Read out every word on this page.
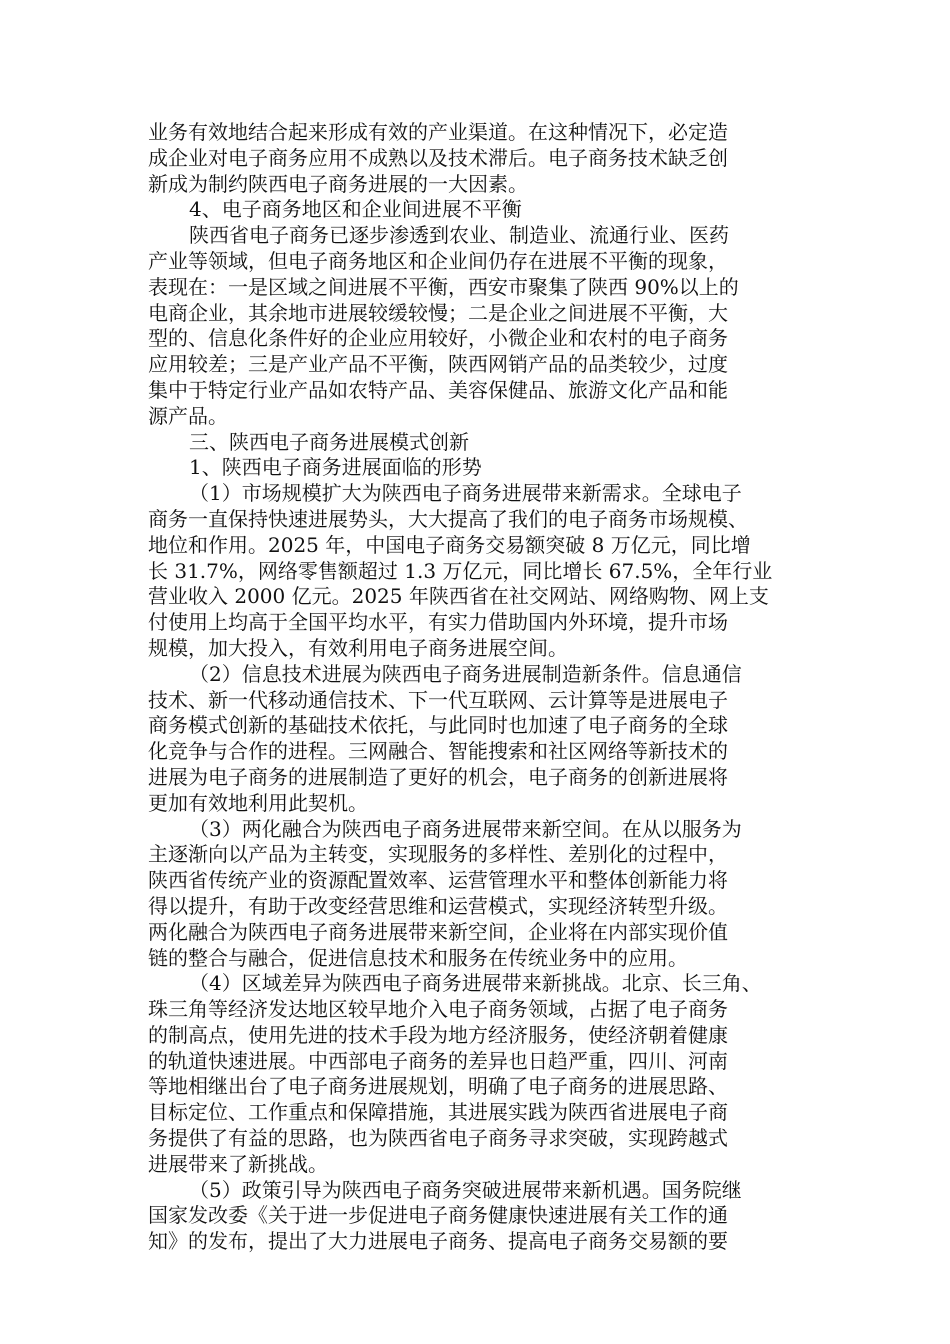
业务有效地结合起来形成有效的产业渠道。在这种情况下，必定造
成企业对电子商务应用不成熟以及技术滞后。电子商务技术缺乏创
新成为制约陕西电子商务进展的一大因素。
4、电子商务地区和企业间进展不平衡
陕西省电子商务已逐步渗透到农业、制造业、流通行业、医药
产业等领域，但电子商务地区和企业间仍存在进展不平衡的现象，
表现在：一是区域之间进展不平衡，西安市聚集了陕西 90%以上的
电商企业，其余地市进展较缓较慢；二是企业之间进展不平衡，大
型的、信息化条件好的企业应用较好，小微企业和农村的电子商务
应用较差；三是产业产品不平衡，陕西网销产品的品类较少，过度
集中于特定行业产品如农特产品、美容保健品、旅游文化产品和能
源产品。
三、陕西电子商务进展模式创新
1、陕西电子商务进展面临的形势
（1）市场规模扩大为陕西电子商务进展带来新需求。全球电子
商务一直保持快速进展势头，大大提高了我们的电子商务市场规模、
地位和作用。2025 年，中国电子商务交易额突破 8 万亿元，同比增
长 31.7%，网络零售额超过 1.3 万亿元，同比增长 67.5%，全年行业
营业收入 2000 亿元。2025 年陕西省在社交网站、网络购物、网上支
付使用上均高于全国平均水平，有实力借助国内外环境，提升市场
规模，加大投入，有效利用电子商务进展空间。
（2）信息技术进展为陕西电子商务进展制造新条件。信息通信
技术、新一代移动通信技术、下一代互联网、云计算等是进展电子
商务模式创新的基础技术依托，与此同时也加速了电子商务的全球
化竞争与合作的进程。三网融合、智能搜索和社区网络等新技术的
进展为电子商务的进展制造了更好的机会，电子商务的创新进展将
更加有效地利用此契机。
（3）两化融合为陕西电子商务进展带来新空间。在从以服务为
主逐渐向以产品为主转变，实现服务的多样性、差别化的过程中，
陕西省传统产业的资源配置效率、运营管理水平和整体创新能力将
得以提升，有助于改变经营思维和运营模式，实现经济转型升级。
两化融合为陕西电子商务进展带来新空间，企业将在内部实现价值
链的整合与融合，促进信息技术和服务在传统业务中的应用。
（4）区域差异为陕西电子商务进展带来新挑战。北京、长三角、
珠三角等经济发达地区较早地介入电子商务领域，占据了电子商务
的制高点，使用先进的技术手段为地方经济服务，使经济朝着健康
的轨道快速进展。中西部电子商务的差异也日趋严重，四川、河南
等地相继出台了电子商务进展规划，明确了电子商务的进展思路、
目标定位、工作重点和保障措施，其进展实践为陕西省进展电子商
务提供了有益的思路，也为陕西省电子商务寻求突破，实现跨越式
进展带来了新挑战。
（5）政策引导为陕西电子商务突破进展带来新机遇。国务院继
国家发改委《关于进一步促进电子商务健康快速进展有关工作的通
知》的发布，提出了大力进展电子商务、提高电子商务交易额的要
